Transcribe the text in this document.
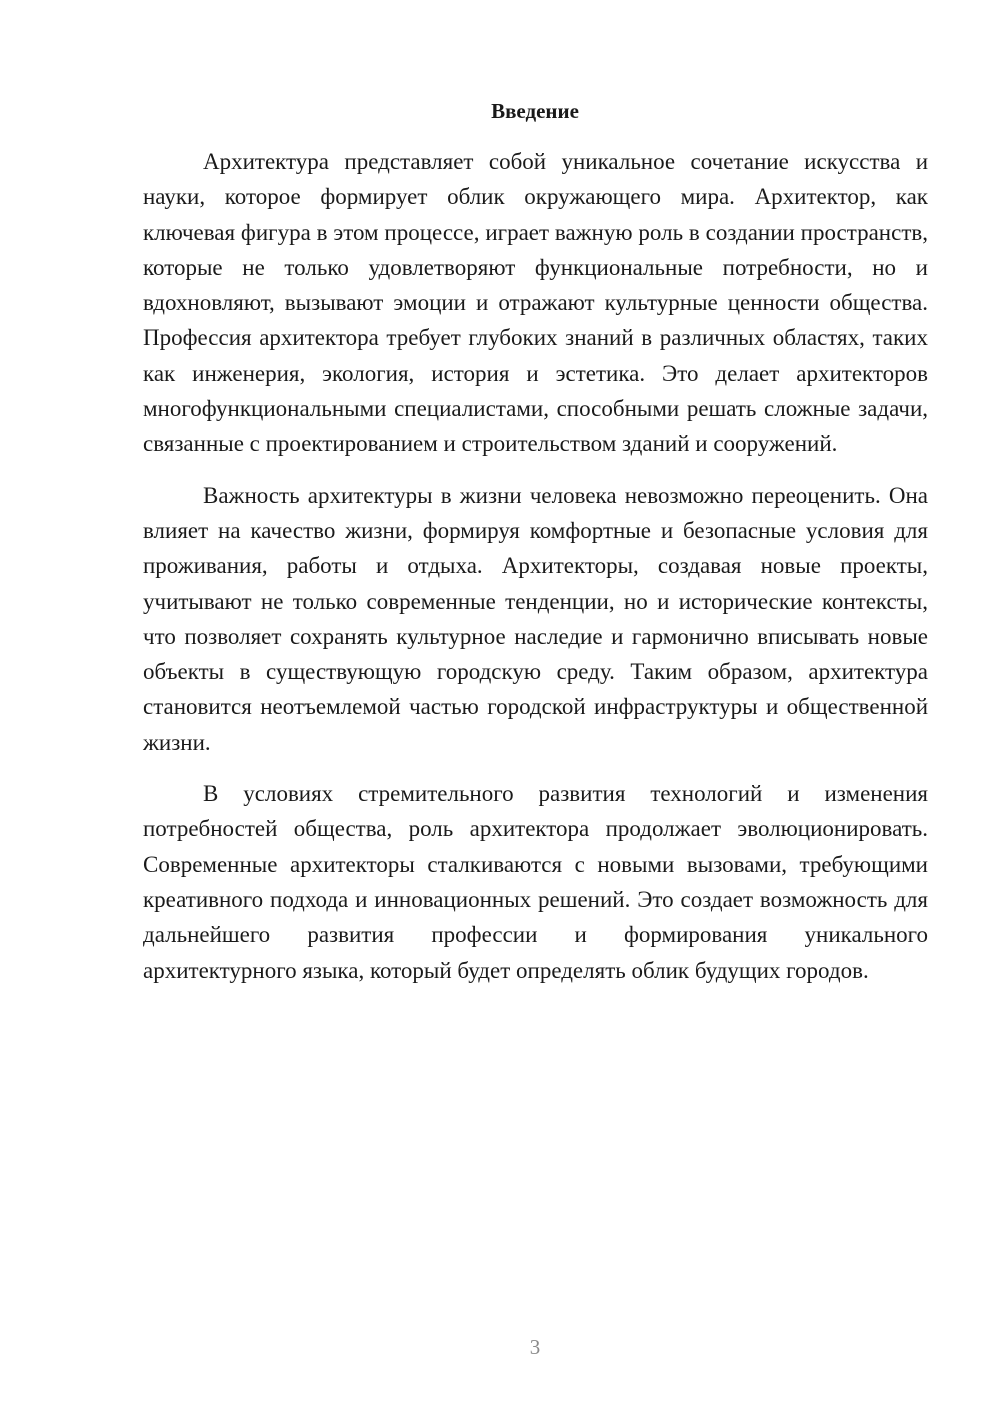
Введение

Архитектура представляет собой уникальное сочетание искусства и науки, которое формирует облик окружающего мира. Архитектор, как ключевая фигура в этом процессе, играет важную роль в создании пространств, которые не только удовлетворяют функциональные потребности, но и вдохновляют, вызывают эмоции и отражают культурные ценности общества. Профессия архитектора требует глубоких знаний в различных областях, таких как инженерия, экология, история и эстетика. Это делает архитекторов многофункциональными специалистами, способными решать сложные задачи, связанные с проектированием и строительством зданий и сооружений.

Важность архитектуры в жизни человека невозможно переоценить. Она влияет на качество жизни, формируя комфортные и безопасные условия для проживания, работы и отдыха. Архитекторы, создавая новые проекты, учитывают не только современные тенденции, но и исторические контексты, что позволяет сохранять культурное наследие и гармонично вписывать новые объекты в существующую городскую среду. Таким образом, архитектура становится неотъемлемой частью городской инфраструктуры и общественной жизни.

В условиях стремительного развития технологий и изменения потребностей общества, роль архитектора продолжает эволюционировать. Современные архитекторы сталкиваются с новыми вызовами, требующими креативного подхода и инновационных решений. Это создает возможность для дальнейшего развития профессии и формирования уникального архитектурного языка, который будет определять облик будущих городов.

3
